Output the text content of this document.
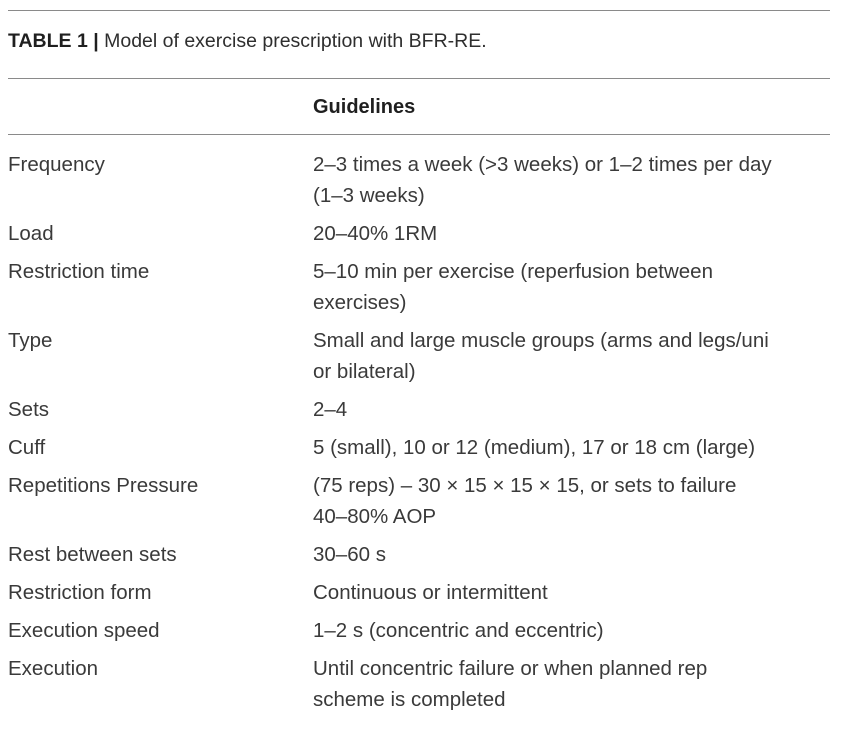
TABLE 1 | Model of exercise prescription with BFR-RE.
Guidelines
Frequency	2–3 times a week (>3 weeks) or 1–2 times per day
(1–3 weeks)
Load	20–40% 1RM
Restriction time	5–10 min per exercise (reperfusion between
exercises)
Type	Small and large muscle groups (arms and legs/uni
or bilateral)
Sets	2–4
Cuff	5 (small), 10 or 12 (medium), 17 or 18 cm (large)
Repetitions Pressure	(75 reps) – 30 × 15 × 15 × 15, or sets to failure
40–80% AOP
Rest between sets	30–60 s
Restriction form	Continuous or intermittent
Execution speed	1–2 s (concentric and eccentric)
Execution	Until concentric failure or when planned rep
scheme is completed
